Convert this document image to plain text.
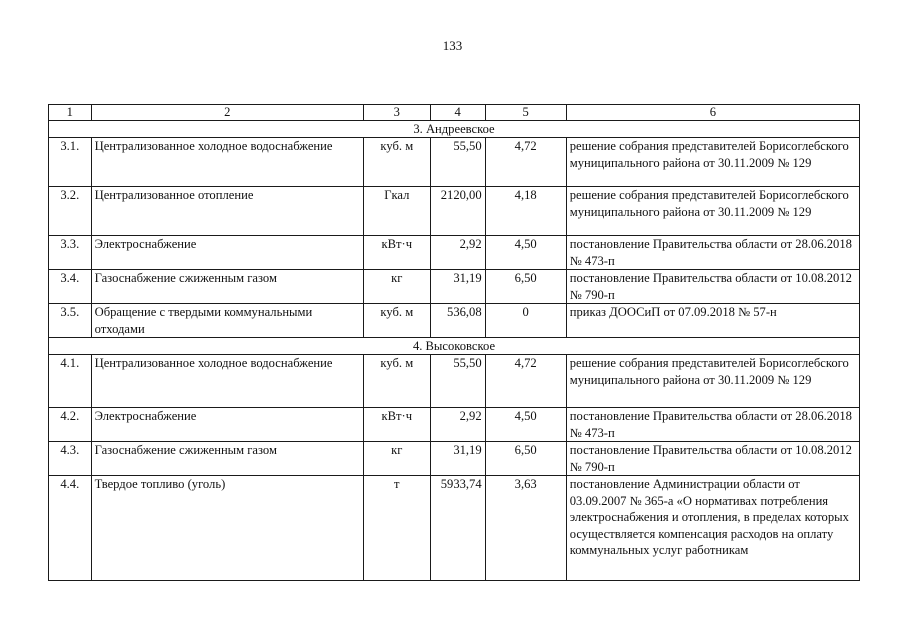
133
1	2	3	4	5	6
3. Андреевское					
3.1.	Централизованное холодное водоснабжение	куб. м	55,50	4,72	решение собрания представителей Борисоглебского муниципального района от 30.11.2009 № 129
3.2.	Централизованное отопление	Гкал	2120,00	4,18	решение собрания представителей Борисоглебского муниципального района от 30.11.2009 № 129
3.3.	Электроснабжение	кВт·ч	2,92	4,50	постановление Правительства области от 28.06.2018 № 473-п
3.4.	Газоснабжение сжиженным газом	кг	31,19	6,50	постановление Правительства области от 10.08.2012 № 790-п
3.5.	Обращение с твердыми коммунальными отходами	куб. м	536,08	0	приказ ДООСиП от 07.09.2018 № 57-н
4. Высоковское					
4.1.	Централизованное холодное водоснабжение	куб. м	55,50	4,72	решение собрания представителей Борисоглебского муниципального района от 30.11.2009 № 129
4.2.	Электроснабжение	кВт·ч	2,92	4,50	постановление Правительства области от 28.06.2018 № 473-п
4.3.	Газоснабжение сжиженным газом	кг	31,19	6,50	постановление Правительства области от 10.08.2012 № 790-п
4.4.	Твердое топливо (уголь)	т	5933,74	3,63	постановление Администрации области от 03.09.2007 № 365-а «О нормативах потребления электроснабжения и отопления, в пределах которых осуществляется компенсация расходов на оплату коммунальных услуг работникам
